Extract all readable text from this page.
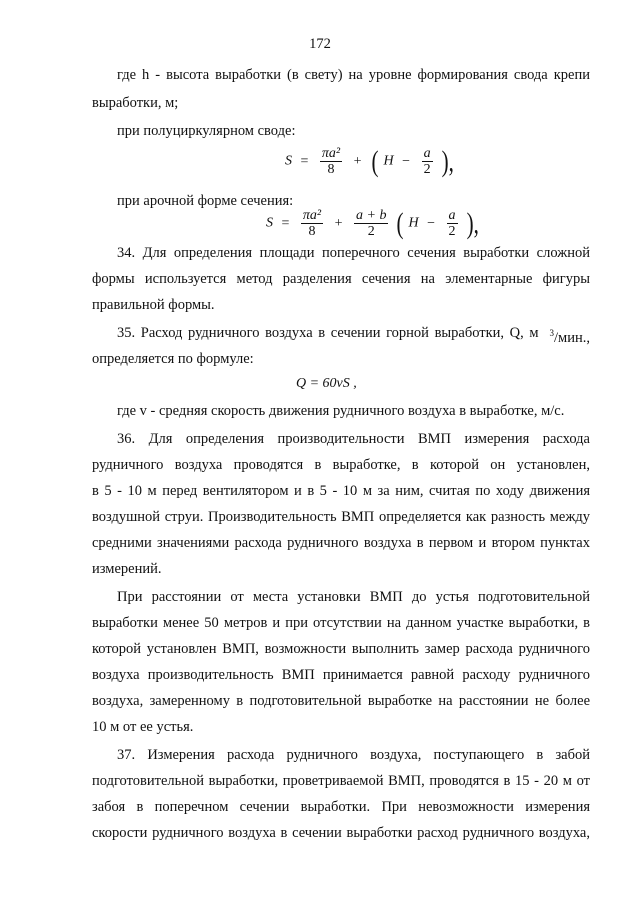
172
где h - высота выработки (в свету) на уровне формирования свода крепи
выработки, м;
при полуциркулярном своде:
$S = \frac{\text{πa²}}{8}$ + ( $H - \frac{a}{2}$ ),
при арочной форме сечения:
$S = \frac{\text{πa²}}{8} + \frac{a + b}{2}$ ( $H - \frac{a}{2}$ ),
34. Для определения площади поперечного сечения выработки сложной
формы используется метод разделения сечения на элементарные фигуры
правильной формы.
35. Расход рудничного воздуха в сечении горной выработки, Q, м $^3$/мин.,
определяется по формуле:
Q = 60vS ,
где v - средняя скорость движения рудничного воздуха в выработке, м/с.
36. Для определения производительности ВМП измерения расхода
рудничного воздуха проводятся в выработке, в которой он установлен,
в 5 - 10 м перед вентилятором и в 5 - 10 м за ним, считая по ходу движения
воздушной струи. Производительность ВМП определяется как разность между
средними значениями расхода рудничного воздуха в первом и втором пунктах
измерений.
При расстоянии от места установки ВМП до устья подготовительной
выработки менее 50 метров и при отсутствии на данном участке выработки, в
которой установлен ВМП, возможности выполнить замер расхода рудничного
воздуха производительность ВМП принимается равной расходу рудничного
воздуха, замеренному в подготовительной выработке на расстоянии не более
10 м от ее устья.
37. Измерения расхода рудничного воздуха, поступающего в забой
подготовительной выработки, проветриваемой ВМП, проводятся в 15 - 20 м от
забоя в поперечном сечении выработки. При невозможности измерения
скорости рудничного воздуха в сечении выработки расход рудничного воздуха,
